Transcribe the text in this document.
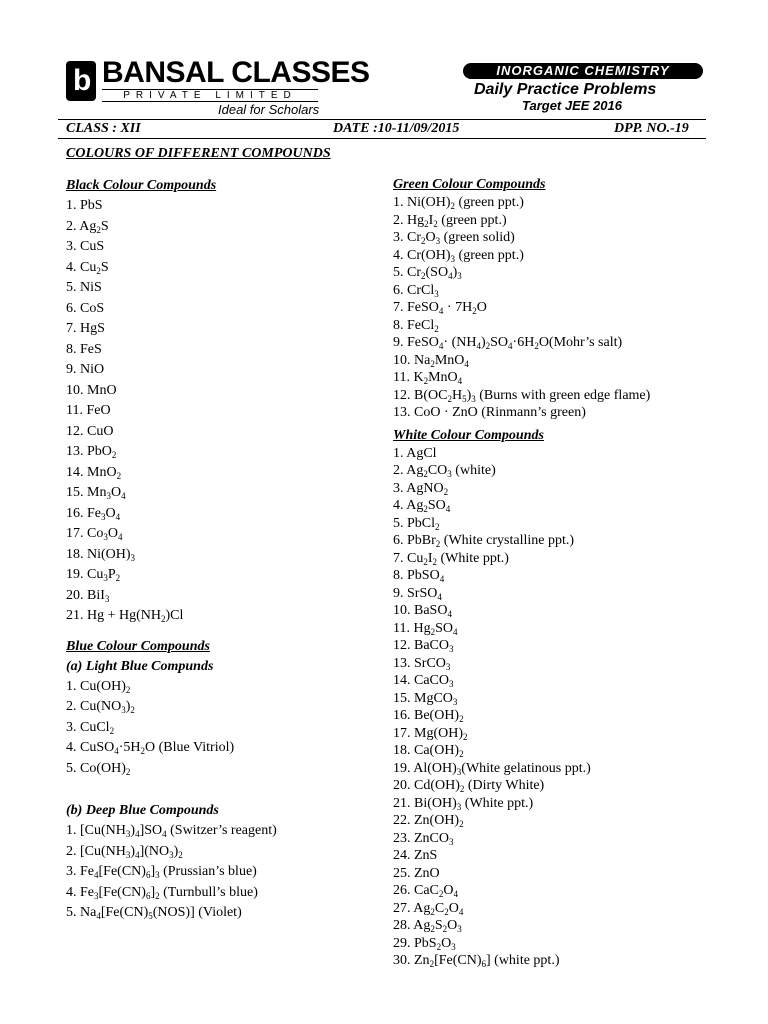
b BANSAL CLASSES
PRIVATE LIMITED
Ideal for Scholars
INORGANIC CHEMISTRY
Daily Practice Problems
Target JEE 2016
CLASS : XII	DATE :10-11/09/2015	DPP. NO.-19
COLOURS OF DIFFERENT COMPOUNDS
Black Colour Compounds
1. PbS
2. $Ag_2S$
3. CuS
4. $Cu_2S$
5. NiS
6. CoS
7. HgS
8. FeS
9. NiO
10. MnO
11. FeO
12. CuO
13. PbO$_2$
14. MnO$_2$
15. $Mn_3O_4$
16. $Fe_3O_4$
17. $Co_3O_4$
18. $Ni(OH)_3$
19. $Cu_3P_2$
20. BiI$_3$
21. $Hg + Hg(NH_2)Cl$
Blue Colour Compounds
(a) Light Blue Compunds
1. $Cu(OH)_2$
2. $Cu(NO_3)_2$
3. CuCl$_2$
4. $CuSO_4\cdot 5H_2O$ (Blue Vitriol)
5. $Co(OH)_2$
(b) Deep Blue Compounds
1. $[Cu(NH_3)_4]SO_4$ (Switzer’s reagent)
2. $[Cu(NH_3)_4](NO_3)_2$
3. $Fe_4[Fe(CN)_6]_3$ (Prussian’s blue)
4. $Fe_3[Fe(CN)_6]_2$ (Turnbull’s blue)
5. $Na_4[Fe(CN)_5(NOS)]$ (Violet)
Green Colour Compounds
1. $Ni(OH)_2$ (green ppt.)
2. $Hg_2I_2$ (green ppt.)
3. $Cr_2O_3$ (green solid)
4. $Cr(OH)_3$ (green ppt.)
5. $Cr_2(SO_4)_3$
6. CrCl$_3$
7. FeSO$_4$ · $7H_2O$
8. FeCl$_2$
9. FeSO$_4$· $(NH_4)_2SO_4\cdot 6H_2O(Mohr’s$ salt)
10. $Na_2MnO_4$
11. $K_2MnO_4$
12. $B(OC_2H_5)_3$ (Burns with green edge flame)
13. CoO · ZnO (Rinmann’s green)
White Colour Compounds
1. AgCl
2. $Ag_2CO_3$ (white)
3. AgNO$_2$
4. $Ag_2SO_4$
5. PbCl$_2$
6. PbBr$_2$ (White crystalline ppt.)
7. $Cu_2I_2$ (White ppt.)
8. PbSO$_4$
9. SrSO$_4$
10. BaSO$_4$
11. $Hg_2SO_4$
12. BaCO$_3$
13. SrCO$_3$
14. CaCO$_3$
15. MgCO$_3$
16. $Be(OH)_2$
17. $Mg(OH)_2$
18. $Ca(OH)_2$
19. $Al(OH)_3(White$ gelatinous ppt.)
20. $Cd(OH)_2$ (Dirty White)
21. $Bi(OH)_3$ (White ppt.)
22. $Zn(OH)_2$
23. ZnCO$_3$
24. ZnS
25. ZnO
26. $CaC_2O_4$
27. $Ag_2C_2O_4$
28. $Ag_2S_2O_3$
29. $PbS_2O_3$
30. $Zn_2[Fe(CN)_6]$ (white ppt.)
